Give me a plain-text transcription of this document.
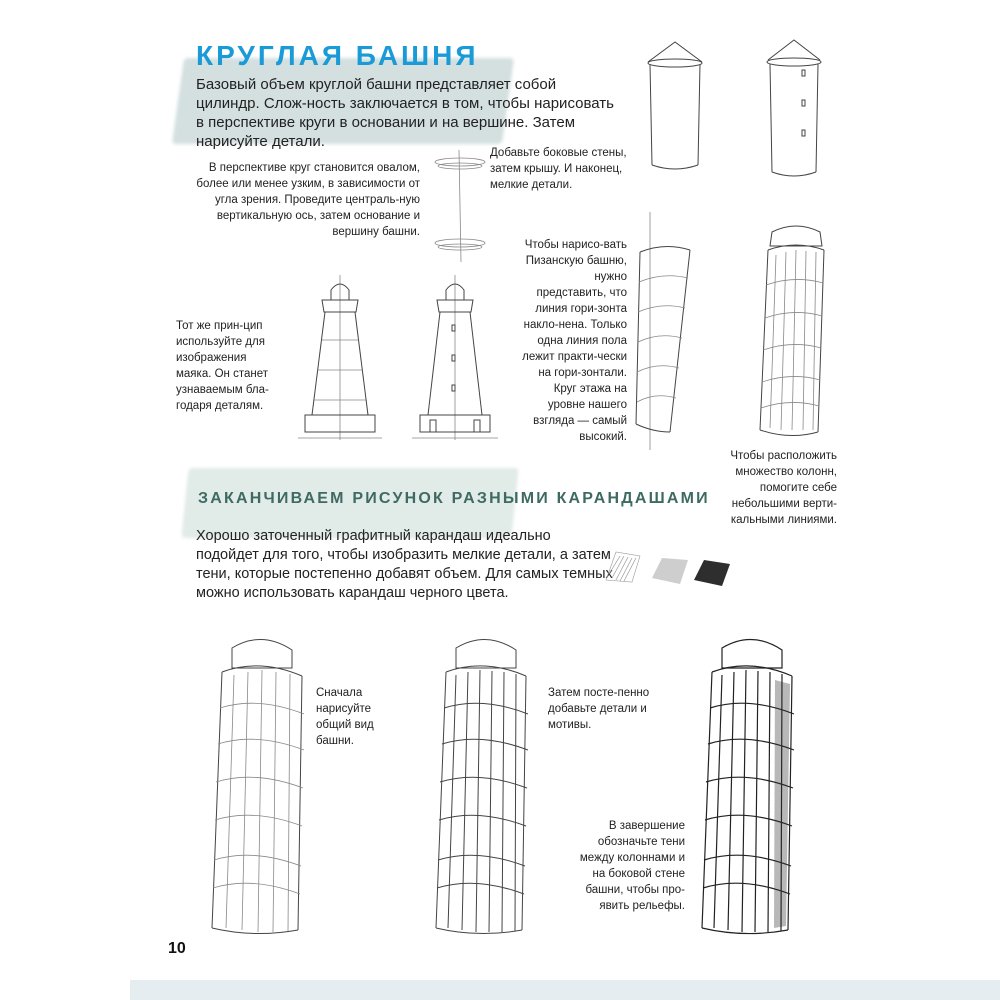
КРУГЛАЯ БАШНЯ
Базовый объем круглой башни представляет собой цилиндр. Слож-ность заключается в том, чтобы нарисовать в перспективе круги в основании и на вершине. Затем нарисуйте детали.
В перспективе круг становится овалом, более или менее узким, в зависимости от угла зрения. Проведите централь-ную вертикальную ось, затем основание и вершину башни.
Добавьте боковые стены, затем крышу. И наконец, мелкие детали.
Чтобы нарисо-вать Пизанскую башню, нужно представить, что линия гори-зонта накло-нена. Только одна линия пола лежит практи-чески на гори-зонтали. Круг этажа на уровне нашего взгляда — самый высокий.
Тот же прин-цип используйте для изображения маяка. Он станет узнаваемым бла-годаря деталям.
Чтобы расположить множество колонн, помогите себе небольшими верти-кальными линиями.
ЗАКАНЧИВАЕМ РИСУНОК РАЗНЫМИ КАРАНДАШАМИ
Хорошо заточенный графитный карандаш идеально подойдет для того, чтобы изобразить мелкие детали, а затем тени, которые постепенно добавят объем. Для самых темных можно использовать карандаш черного цвета.
Сначала нарисуйте общий вид башни.
Затем посте-пенно добавьте детали и мотивы.
В завершение обозначьте тени между колоннами и на боковой стене башни, чтобы про-явить рельефы.
10
